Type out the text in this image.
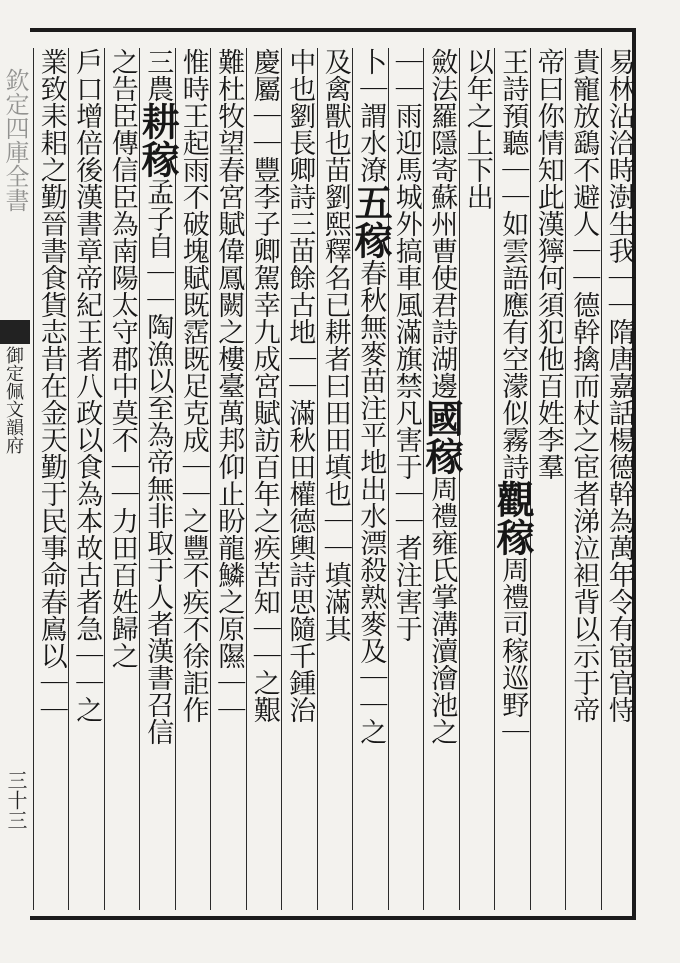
欽定四庫全書
御定佩文韻府
三十三
易林沾洽時澍生我｜｜隋唐嘉話楊德幹為萬年令有宦官恃
貴寵放鷂不避人｜｜德幹擒而杖之宦者涕泣袒背以示于帝
帝曰你情知此漢獰何須犯他百姓李羣
王詩預聽｜｜如雲語應有空濛似霧詩
觀稼
周禮司稼巡野｜
以年之上下出
斂法羅隱寄蘇州曹使君詩湖邊
國稼
周禮雍氏掌溝瀆澮池之
｜｜雨迎馬城外搞車風滿旗
禁凡害于｜｜者注害于
卜｜謂水潦
五稼
春秋無麥苗注平地出水漂殺熟麥及｜｜之
及禽獸也
苗劉熙釋名已耕者曰田田填也｜｜填滿其
中也劉長卿詩三苗餘古地｜｜滿秋田權德輿詩思隨千鍾治
慶屬｜｜豐李子卿駕幸九成宮賦訪百年之疾苦知｜｜之艱
難杜牧望春宮賦偉鳳闕之樓臺萬邦仰止盼龍鱗之原隰｜｜
惟時王起雨不破塊賦既霑既足克成｜｜之豐不疾不徐詎作
三農
耕稼
孟子自｜｜陶漁以至為帝無非取于人者漢書召信
之告
臣傳信臣為南陽太守郡中莫不｜｜力田百姓歸之
戶口增倍後漢書章帝紀王者八政以食為本故古者急｜｜之
業致耒耜之勤晉書食貨志昔在金天勤于民事命春鳸以｜｜
